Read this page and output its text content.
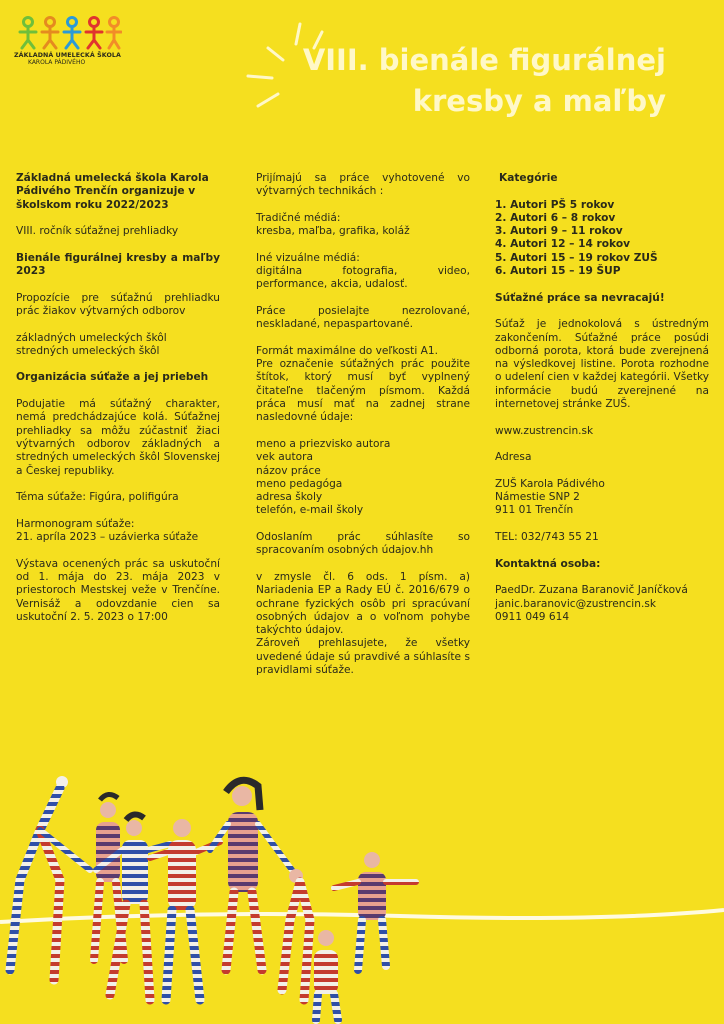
ZÁKLADNÁ UMELECKÁ ŠKOLA
KAROLA PÁDIVÉHO	VIII. bienále figurálnej
kresby a maľby

Základná umelecká škola Karola Pádivého Trenčín organizuje v školskom roku 2022/2023

VIII. ročník súťažnej prehliadky

Bienále figurálnej kresby a maľby 2023

Propozície pre súťažnú prehliadku prác žiakov výtvarných odborov

základných umeleckých škôl stredných umeleckých škôl

Organizácia súťaže a jej priebeh

Podujatie má súťažný charakter, nemá predchádzajúce kolá. Súťažnej prehliadky sa môžu zúčastniť žiaci výtvarných odborov základných a stredných umeleckých škôl Slovenskej a Českej republiky.

Téma súťaže: Figúra, polifigúra

Harmonogram súťaže:
21. apríla 2023 – uzávierka súťaže

Výstava ocenených prác sa uskutoční od 1. mája do 23. mája 2023 v priestoroch Mestskej veže v Trenčíne. Vernisáž a odovzdanie cien sa uskutoční 2. 5. 2023 o 17:00

Prijímajú sa práce vyhotovené vo výtvarných technikách :

Tradičné médiá:
kresba, maľba, grafika, koláž

Iné vizuálne médiá:
digitálna fotografia, video, performance, akcia, udalosť.

Práce posielajte nezrolované, neskladané, nepaspartované.

Formát maximálne do veľkosti A1.
Pre označenie súťažných prác použite štítok, ktorý musí byť vyplnený čitateľne tlačeným písmom. Každá práca musí mať na zadnej strane nasledovné údaje:

meno a priezvisko autora
vek autora
názov práce
meno pedagóga
adresa školy
telefón, e-mail školy

Odoslaním prác súhlasíte so spracovaním osobných údajov.hh

v zmysle čl. 6 ods. 1 písm. a) Nariadenia EP a Rady EÚ č. 2016/679 o ochrane fyzických osôb pri spracúvaní osobných údajov a o voľnom pohybe takýchto údajov.
Zároveň prehlasujete, že všetky uvedené údaje sú pravdivé a súhlasíte s pravidlami súťaže.

Kategórie

1. Autori PŠ 5 rokov
2. Autori 6 – 8 rokov
3. Autori 9 – 11 rokov
4. Autori 12 – 14 rokov
5. Autori 15 – 19 rokov ZUŠ
6. Autori 15 – 19 ŠUP

Súťažné práce sa nevracajú!

Súťaž je jednokolová s ústredným zakončením. Súťažné práce posúdi odborná porota, ktorá bude zverejnená na výsledkovej listine. Porota rozhodne o udelení cien v každej kategórii. Všetky informácie budú zverejnené na internetovej stránke ZUŠ.

www.zustrencin.sk

Adresa

ZUŠ Karola Pádivého
Námestie SNP 2
911 01 Trenčín

TEL: 032/743 55 21

Kontaktná osoba:

PaedDr. Zuzana Baranovič Janíčková
janic.baranovic@zustrencin.sk
0911 049 614
